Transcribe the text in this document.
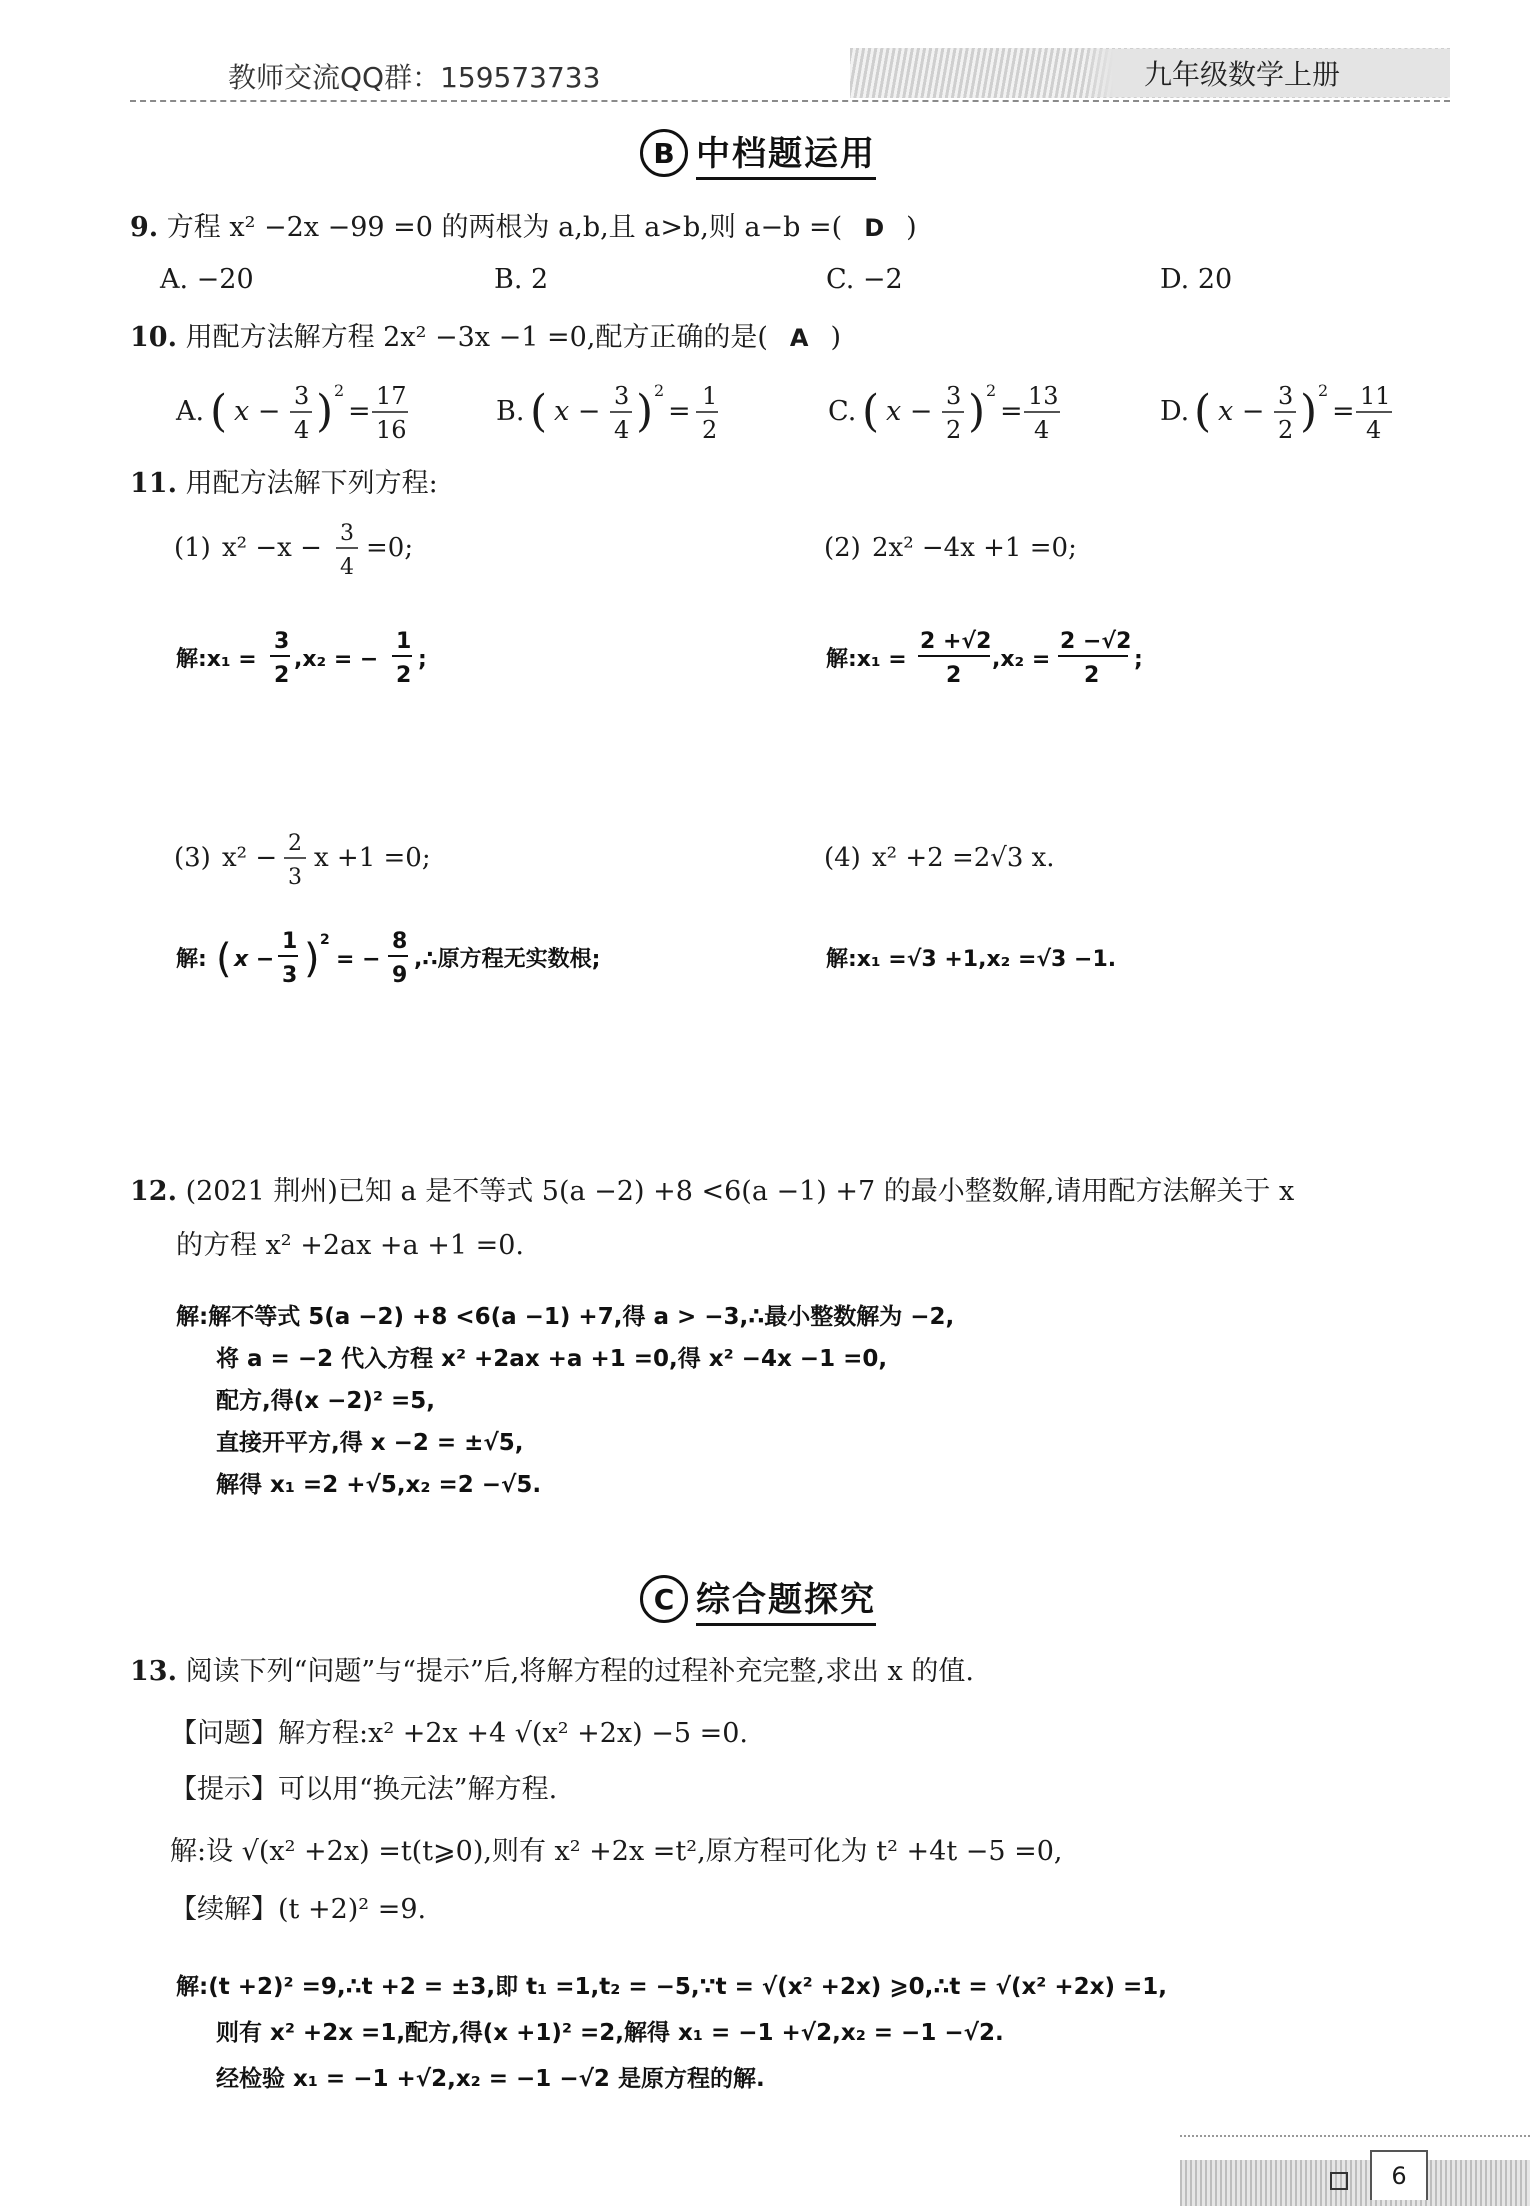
教师交流QQ群：159573733	九年级数学上册
B 中档题运用
9. 方程 x² −2x −99 =0 的两根为 a,b,且 a>b,则 a−b =( D )
A. −20	B. 2	C. −2	D. 20
10. 用配方法解方程 2x² −3x −1 =0,配方正确的是( A )
A. ( x − 3
4 ) 2
= 17
16
B. ( x − 3
4 ) 2
= 1
2
C. ( x − 3
2 ) 2
= 13
4
D. ( x − 3
2 ) 2
= 11
4
11. 用配方法解下列方程:
(1) x² −x − 3
4
=0;	(2) 2x² −4x +1 =0;
(3) x² − 2
3
x +1 =0;	(4) x² +2 =2√3 x.
解:x₁ =
3
2
,x₂ = −
1
2
;	解:x₁ =
2 +√2
2
,x₂ =
2 −√2
2
;
解: ( x −
1
3 ) 2
= −
8
9
,∴原方程无实数根;	解:x₁ =√3 +1,x₂ =√3 −1.
12. (2021 荆州)已知 a 是不等式 5(a −2) +8 <6(a −1) +7 的最小整数解,请用配方法解关于 x
的方程 x² +2ax +a +1 =0.
解:解不等式 5(a −2) +8 <6(a −1) +7,得 a > −3,∴最小整数解为 −2,
将 a = −2 代入方程 x² +2ax +a +1 =0,得 x² −4x −1 =0,
配方,得(x −2)² =5,
直接开平方,得 x −2 = ±√5,
解得 x₁ =2 +√5,x₂ =2 −√5.
C 综合题探究
13. 阅读下列“问题”与“提示”后,将解方程的过程补充完整,求出 x 的值.
【问题】解方程:x² +2x +4 √(x² +2x) −5 =0.
【提示】可以用“换元法”解方程.
解:设 √(x² +2x) =t(t⩾0),则有 x² +2x =t²,原方程可化为 t² +4t −5 =0,
【续解】(t +2)² =9.
解:(t +2)² =9,∴t +2 = ±3,即 t₁ =1,t₂ = −5,∵t = √(x² +2x) ⩾0,∴t = √(x² +2x) =1,
则有 x² +2x =1,配方,得(x +1)² =2,解得 x₁ = −1 +√2,x₂ = −1 −√2.
经检验 x₁ = −1 +√2,x₂ = −1 −√2 是原方程的解.
6
